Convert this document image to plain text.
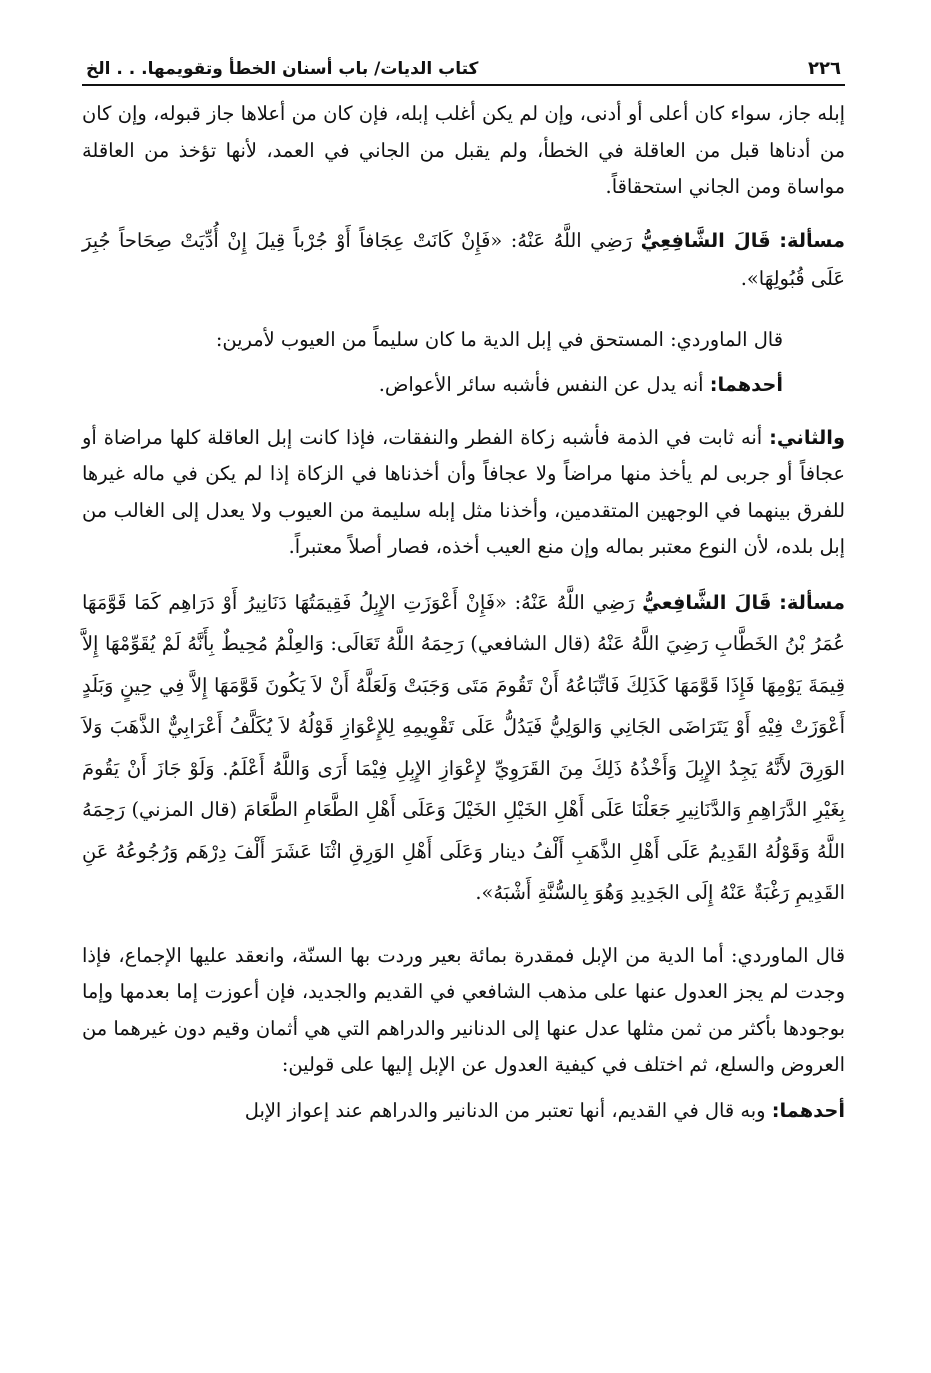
٢٢٦
كتاب الديات/ باب أسنان الخطأ وتقويمها. . . الخ

إبله جاز، سواء كان أعلى أو أدنى، وإن لم يكن أغلب إبله، فإن كان من أعلاها جاز قبوله، وإن كان من أدناها قبل من العاقلة في الخطأ، ولم يقبل من الجاني في العمد، لأنها تؤخذ من العاقلة مواساة ومن الجاني استحقاقاً.

مسألة: قَالَ الشَّافِعِيُّ رَضِي اللَّهُ عَنْهُ: «فَإِنْ كَانَتْ عِجَافاً أَوْ جُرْباً قِيلَ إِنْ أُدِّيَتْ صِحَاحاً جُبِرَ عَلَى قُبُولِهَا».

قال الماوردي: المستحق في إبل الدية ما كان سليماً من العيوب لأمرين:

أحدهما: أنه يدل عن النفس فأشبه سائر الأعواض.

والثاني: أنه ثابت في الذمة فأشبه زكاة الفطر والنفقات، فإذا كانت إبل العاقلة كلها مراضاة أو عجافاً أو جربى لم يأخذ منها مراضاً ولا عجافاً وأن أخذناها في الزكاة إذا لم يكن في ماله غيرها للفرق بينهما في الوجهين المتقدمين، وأخذنا مثل إبله سليمة من العيوب ولا يعدل إلى الغالب من إبل بلده، لأن النوع معتبر بماله وإن منع العيب أخذه، فصار أصلاً معتبراً.

مسألة: قَالَ الشَّافِعيُّ رَضِي اللَّهُ عَنْهُ: «فَإِنْ أَعْوَزَتِ الإِبِلُ فَقِيمَتُهَا دَنَانِيرُ أَوْ دَرَاهِم كَمَا قَوَّمَهَا عُمَرُ بْنُ الخَطَّابِ رَضِيَ اللَّهُ عَنْهُ (قال الشافعي) رَحِمَهُ اللَّهُ تَعَالَى: وَالعِلْمُ مُحِيطٌ بِأَنَّهُ لَمْ يُقَوِّمْهَا إِلاَّ قِيمَةَ يَوْمِهَا فَإِذَا قَوَّمَهَا كَذَلِكَ فَاتِّبَاعُهُ أَنْ تَقُومَ مَتَى وَجَبَتْ وَلَعَلَّهُ أَنْ لاَ يَكُونَ قَوَّمَهَا إِلاَّ فِي حِينٍ وَبَلَدٍ أَعْوَزَتْ فِيْهِ أَوْ يَتَرَاضَى الجَانِي وَالوَلِيُّ فَيَدُلُّ عَلَى تَقْوِيمِهِ لِلإِعْوَازِ قَوْلُهُ لاَ يُكَلَّفُ أَعْرَابِيٌّ الذَّهَبَ وَلاَ الوَرِقَ لأَنَّهُ يَجِدُ الإِبِلَ وَأَخْذُهُ ذَلِكَ مِنَ القَرَوِيِّ لإِعْوَازِ الإِبِلِ فِيْمَا أَرَى وَاللَّهُ أَعْلَمُ. وَلَوْ جَازَ أَنْ يَقُومَ بِغَيْرِ الدَّرَاهِمِ وَالدَّنَانِيرِ جَعَلْنَا عَلَى أَهْلِ الخَيْلِ الخَيْلَ وَعَلَى أَهْلِ الطَّعَامِ الطَّعَامَ (قال المزني) رَحِمَهُ اللَّهُ وَقَوْلُهُ القَدِيمُ عَلَى أَهْلِ الذَّهَبِ أَلْفُ دينار وَعَلَى أَهْلِ الوَرِقِ اثْنَا عَشَرَ أَلْفَ دِرْهَم وَرُجُوعُهُ عَنِ القَدِيمِ رَغْبَةٌ عَنْهُ إِلَى الجَدِيدِ وَهُوَ بِالسُّنَّةِ أَشْبَهُ».

قال الماوردي: أما الدية من الإبل فمقدرة بمائة بعير وردت بها السنّة، وانعقد عليها الإجماع، فإذا وجدت لم يجز العدول عنها على مذهب الشافعي في القديم والجديد، فإن أعوزت إما بعدمها وإما بوجودها بأكثر من ثمن مثلها عدل عنها إلى الدنانير والدراهم التي هي أثمان وقيم دون غيرهما من العروض والسلع، ثم اختلف في كيفية العدول عن الإبل إليها على قولين:

أحدهما: وبه قال في القديم، أنها تعتبر من الدنانير والدراهم عند إعواز الإبل
